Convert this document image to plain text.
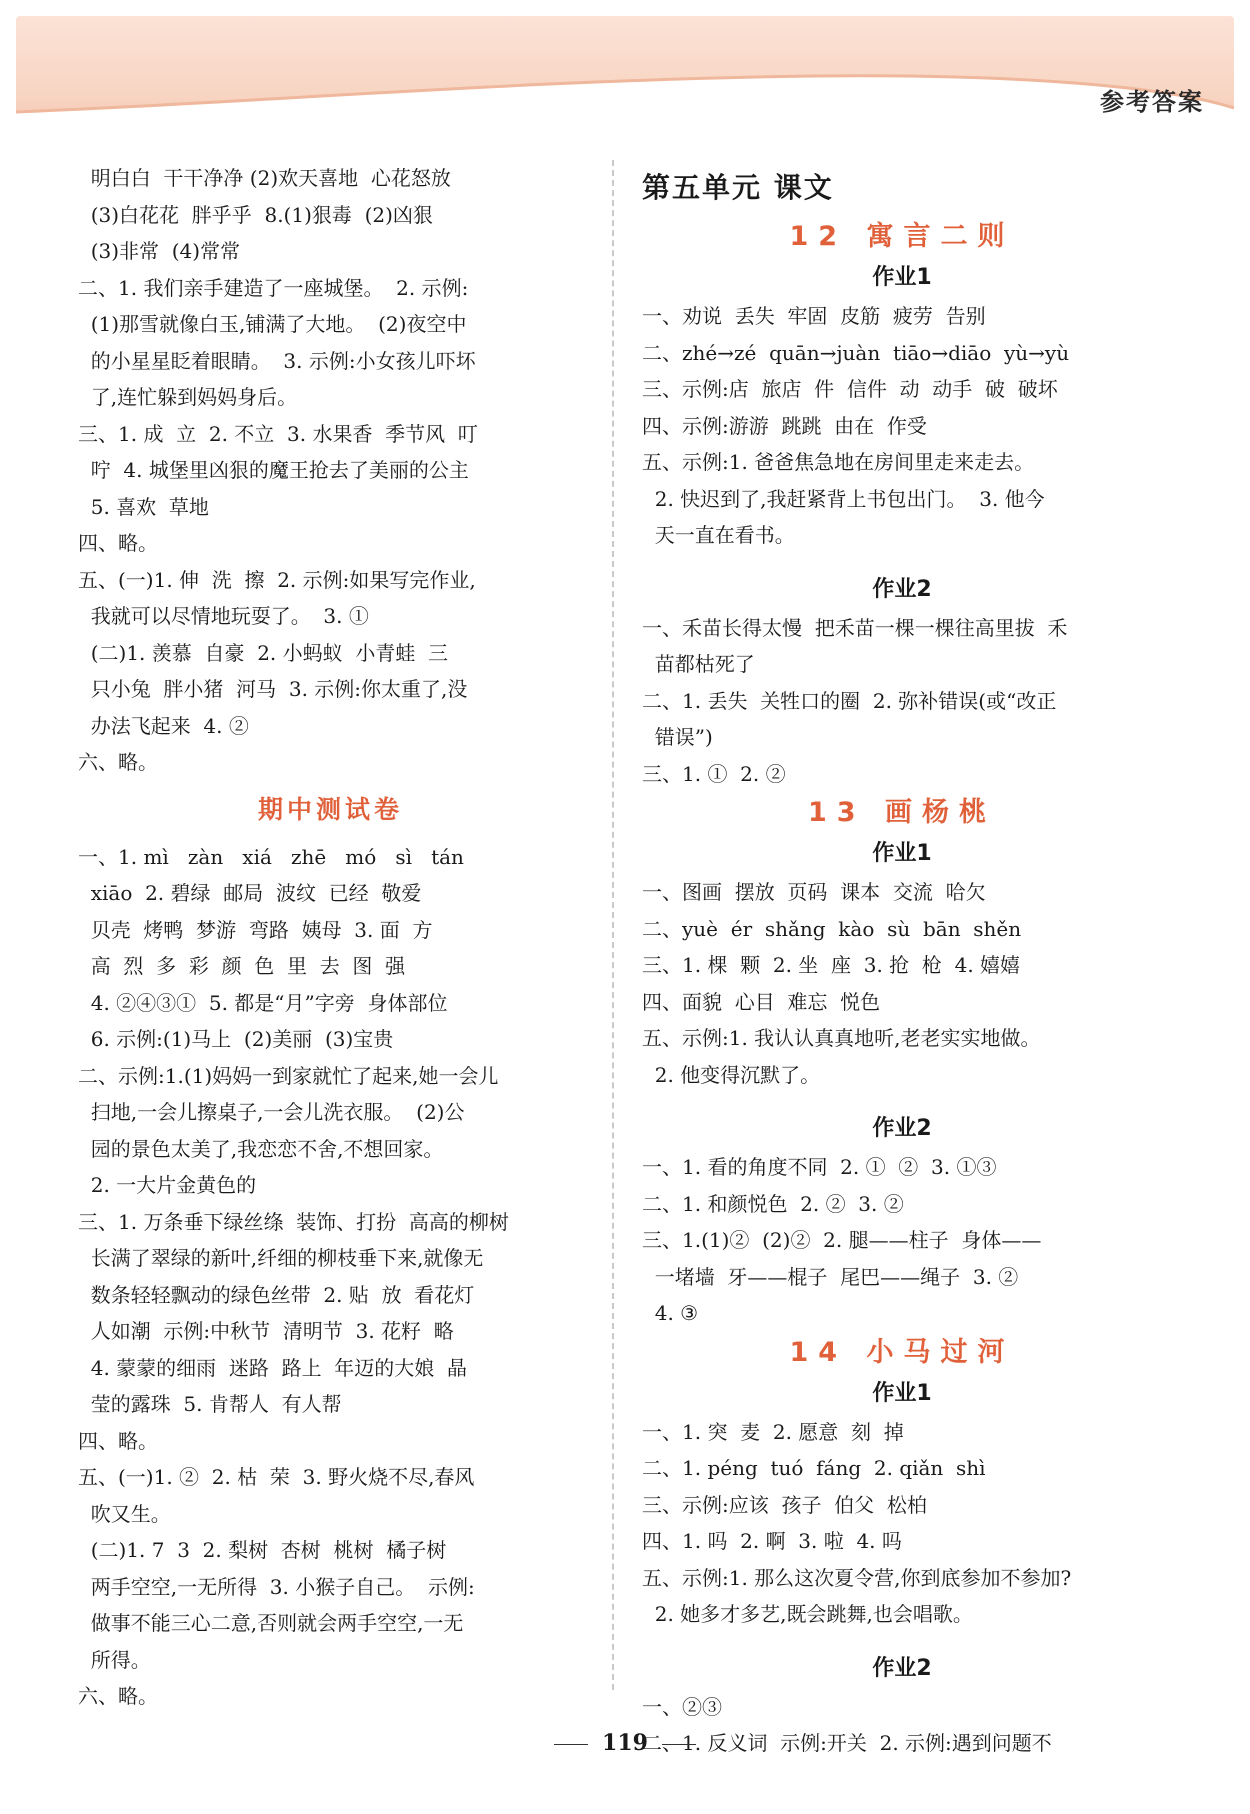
参考答案
明白白  干干净净 (2)欢天喜地  心花怒放
(3)白花花  胖乎乎  8.(1)狠毒  (2)凶狠
(3)非常  (4)常常
二、1. 我们亲手建造了一座城堡。  2. 示例:
(1)那雪就像白玉,铺满了大地。  (2)夜空中
的小星星眨着眼睛。  3. 示例:小女孩儿吓坏
了,连忙躲到妈妈身后。
三、1. 成  立  2. 不立  3. 水果香  季节风  叮
咛  4. 城堡里凶狠的魔王抢去了美丽的公主
5. 喜欢  草地
四、略。
五、(一)1. 伸  洗  擦  2. 示例:如果写完作业,
我就可以尽情地玩耍了。  3. ①
(二)1. 羡慕  自豪  2. 小蚂蚁  小青蛙  三
只小兔  胖小猪  河马  3. 示例:你太重了,没
办法飞起来  4. ②
六、略。
期中测试卷
一、1. mì   zàn   xiá   zhē   mó   sì   tán
xiāo  2. 碧绿  邮局  波纹  已经  敬爱
贝壳  烤鸭  梦游  弯路  姨母  3. 面  方
高  烈  多  彩  颜  色  里  去  图  强
4. ②④③①  5. 都是“月”字旁  身体部位
6. 示例:(1)马上  (2)美丽  (3)宝贵
二、示例:1.(1)妈妈一到家就忙了起来,她一会儿
扫地,一会儿擦桌子,一会儿洗衣服。  (2)公
园的景色太美了,我恋恋不舍,不想回家。
2. 一大片金黄色的
三、1. 万条垂下绿丝绦  装饰、打扮  高高的柳树
长满了翠绿的新叶,纤细的柳枝垂下来,就像无
数条轻轻飘动的绿色丝带  2. 贴  放  看花灯
人如潮  示例:中秋节  清明节  3. 花籽  略
4. 蒙蒙的细雨  迷路  路上  年迈的大娘  晶
莹的露珠  5. 肯帮人  有人帮
四、略。
五、(一)1. ②  2. 枯  荣  3. 野火烧不尽,春风
吹又生。
(二)1. 7  3  2. 梨树  杏树  桃树  橘子树
两手空空,一无所得  3. 小猴子自己。  示例:
做事不能三心二意,否则就会两手空空,一无
所得。
六、略。
第五单元 课文
12 寓言二则
作业1
一、劝说  丢失  牢固  皮筋  疲劳  告别
二、zhé→zé  quān→juàn  tiāo→diāo  yù→yù
三、示例:店  旅店  件  信件  动  动手  破  破坏
四、示例:游游  跳跳  由在  作受
五、示例:1. 爸爸焦急地在房间里走来走去。
2. 快迟到了,我赶紧背上书包出门。  3. 他今
天一直在看书。
作业2
一、禾苗长得太慢  把禾苗一棵一棵往高里拔  禾
苗都枯死了
二、1. 丢失  关牲口的圈  2. 弥补错误(或“改正
错误”)
三、1. ①  2. ②
13 画杨桃
作业1
一、图画  摆放  页码  课本  交流  哈欠
二、yuè  ér  shǎng  kào  sù  bān  shěn
三、1. 棵  颗  2. 坐  座  3. 抢  枪  4. 嬉嬉
四、面貌  心目  难忘  悦色
五、示例:1. 我认认真真地听,老老实实地做。
2. 他变得沉默了。
作业2
一、1. 看的角度不同  2. ①  ②  3. ①③
二、1. 和颜悦色  2. ②  3. ②
三、1.(1)②  (2)②  2. 腿——柱子  身体——
一堵墙  牙——棍子  尾巴——绳子  3. ②
4. ③
14 小马过河
作业1
一、1. 突  麦  2. 愿意  刻  掉
二、1. péng  tuó  fáng  2. qiǎn  shì
三、示例:应该  孩子  伯父  松柏
四、1. 吗  2. 啊  3. 啦  4. 吗
五、示例:1. 那么这次夏令营,你到底参加不参加?
2. 她多才多艺,既会跳舞,也会唱歌。
作业2
一、②③
二、1. 反义词  示例:开关  2. 示例:遇到问题不
119
